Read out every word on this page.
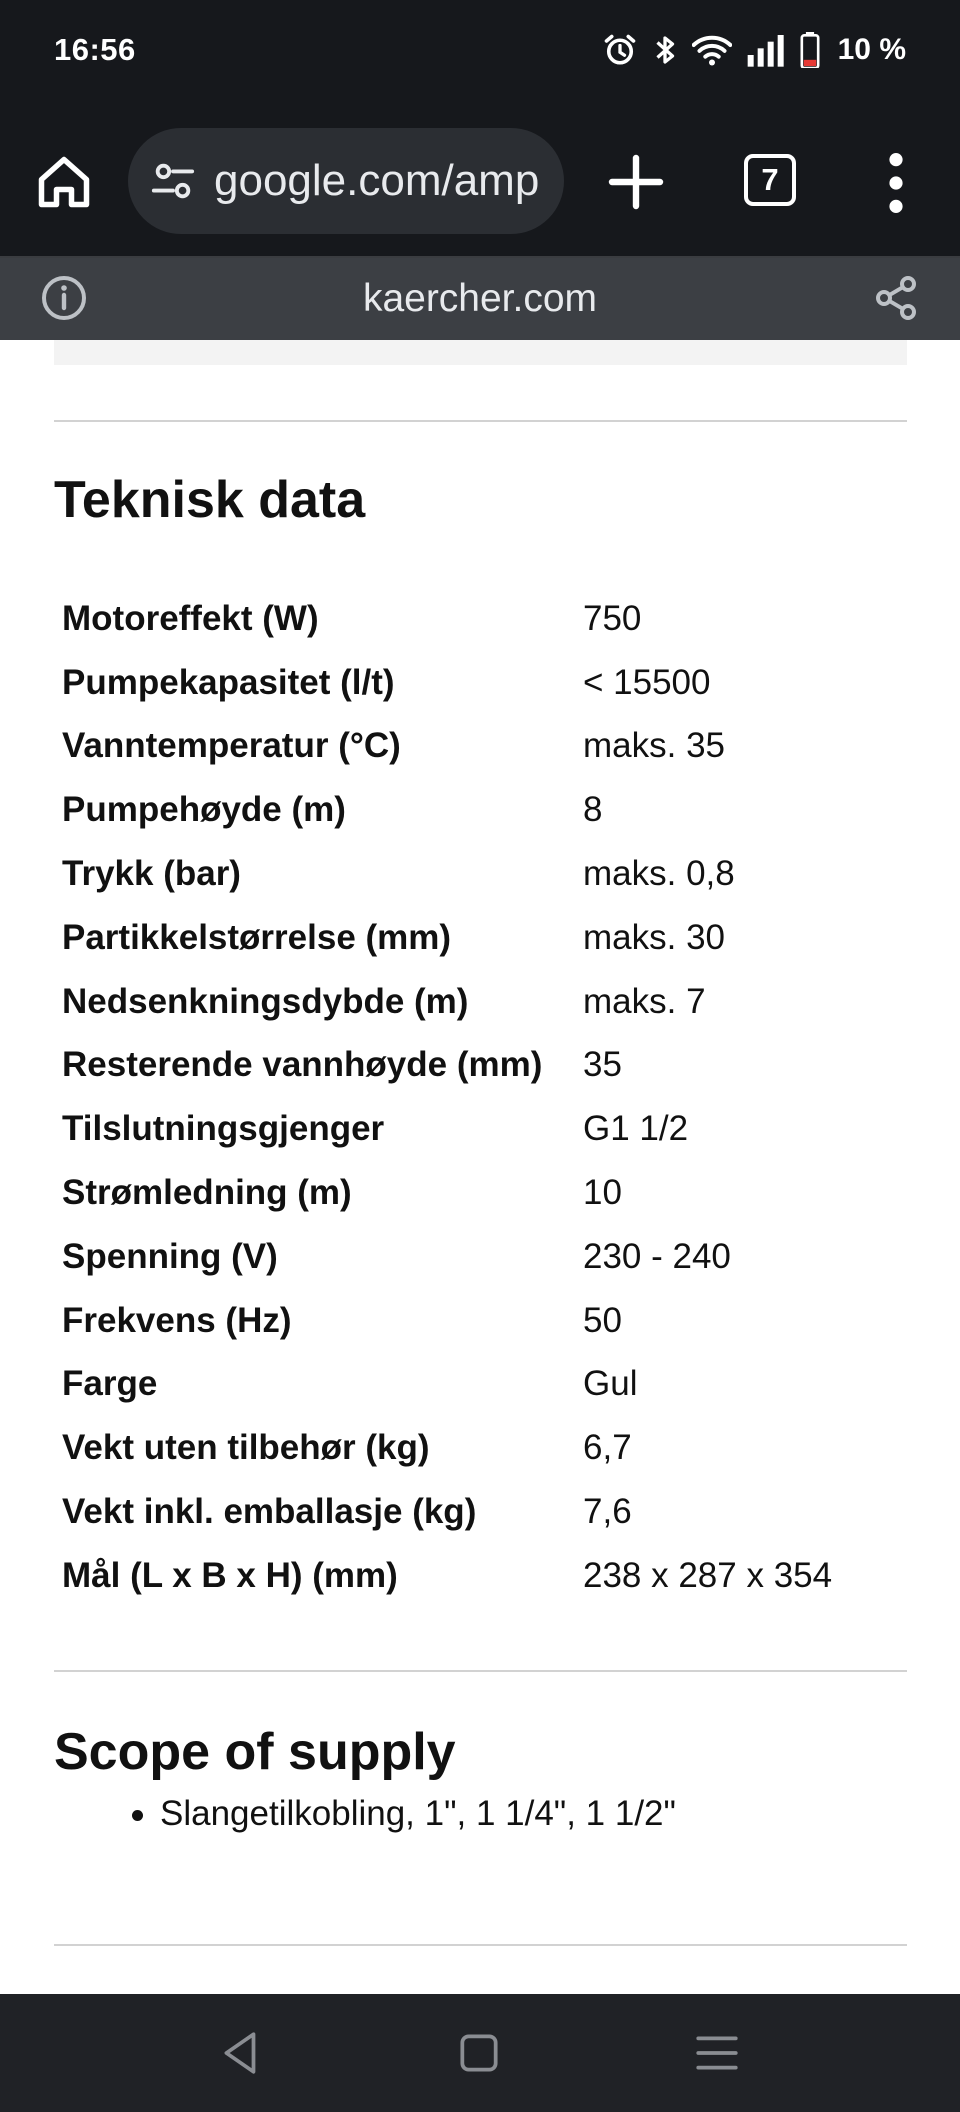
16:56	10 %
google.com/amp	7
kaercher.com
Teknisk data
Motoreffekt (W)	750
Pumpekapasitet (l/t)	< 15500
Vanntemperatur (°C)	maks. 35
Pumpehøyde (m)	8
Trykk (bar)	maks. 0,8
Partikkelstørrelse (mm)	maks. 30
Nedsenkningsdybde (m)	maks. 7
Resterende vannhøyde (mm)	35
Tilslutningsgjenger	G1 1/2
Strømledning (m)	10
Spenning (V)	230 - 240
Frekvens (Hz)	50
Farge	Gul
Vekt uten tilbehør (kg)	6,7
Vekt inkl. emballasje (kg)	7,6
Mål (L x B x H) (mm)	238 x 287 x 354
Scope of supply
Slangetilkobling, 1", 1 1/4", 1 1/2"
